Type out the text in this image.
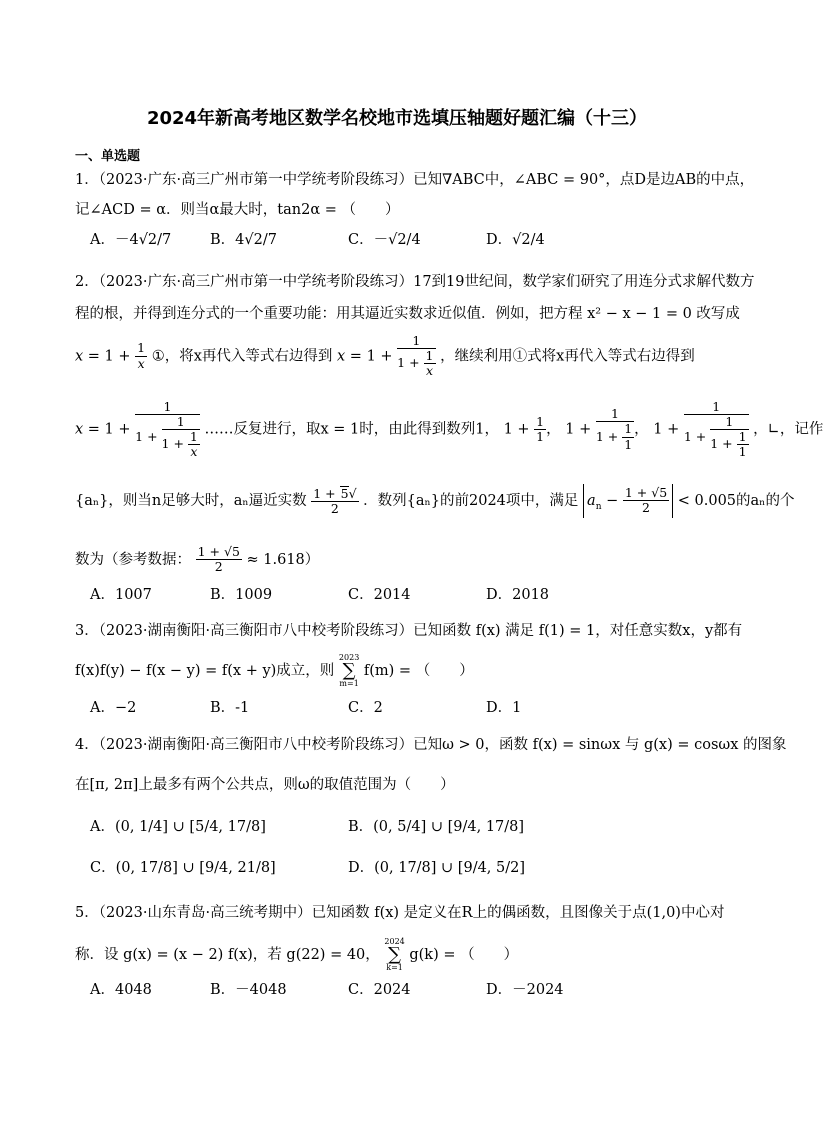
2024年新高考地区数学名校地市选填压轴题好题汇编（十三）
一、单选题
1．（2023·广东·高三广州市第一中学统考阶段练习）已知∇ABC中，∠ABC = 90°，点D是边AB的中点，
记∠ACD = α．则当α最大时，tan2α = （　　）
A．－4√2/7	B．4√2/7	C．－√2/4	D．√2/4
2．（2023·广东·高三广州市第一中学统考阶段练习）17到19世纪间，数学家们研究了用连分式求解代数方
程的根，并得到连分式的一个重要功能：用其逼近实数求近似值．例如，把方程 x² − x − 1 = 0 改写成
$x = 1 + \frac{1}{x}$ ①，将x再代入等式右边得到 $x = 1 + \frac{1}{1 + \frac{1}{x}}$ ，继续利用①式将x再代入等式右边得到
$x = 1 + \frac{1}{1 + \frac{1}{1 + \frac{1}{x}}}$ ……反复进行，取x = 1时，由此得到数列1， $1 + \frac{1}{1}$ ， $1 + \frac{1}{1 + \frac{1}{1}}$ ， $1 + \frac{1}{1 + \frac{1}{1 + \frac{1}{1}}}$ ，∟，记作
{aₙ}，则当n足够大时，aₙ逼近实数 $\frac{1 + 5√}{2}$ ．数列{aₙ}的前2024项中，满足 $a_n - \frac{1 + √5}{2} < 0.005$的aₙ的个
数为（参考数据： $\frac{1 + √5}{2} \approx 1.618$）
A．1007	B．1009	C．2014	D．2018
3．（2023·湖南衡阳·高三衡阳市八中校考阶段练习）已知函数 f(x) 满足 f(1) = 1，对任意实数x，y都有
f(x)f(y) − f(x − y) = f(x + y)成立，则 2023
∑
m=1 f(m) = （　　）
A．−2	B．-1	C．2	D．1
4．（2023·湖南衡阳·高三衡阳市八中校考阶段练习）已知ω > 0，函数 f(x) = sinωx 与 g(x) = cosωx 的图象
在[π, 2π]上最多有两个公共点，则ω的取值范围为（　　）
A．(0, 1/4] ∪ [5/4, 17/8]	B．(0, 5/4] ∪ [9/4, 17/8]
C．(0, 17/8] ∪ [9/4, 21/8]	D．(0, 17/8] ∪ [9/4, 5/2]
5．（2023·山东青岛·高三统考期中）已知函数 f(x) 是定义在R上的偶函数，且图像关于点(1,0)中心对
称．设 g(x) = (x − 2) f(x)，若 g(22) = 40， 2024
∑
k=1 g(k) = （　　）
A．4048	B．－4048	C．2024	D．－2024
